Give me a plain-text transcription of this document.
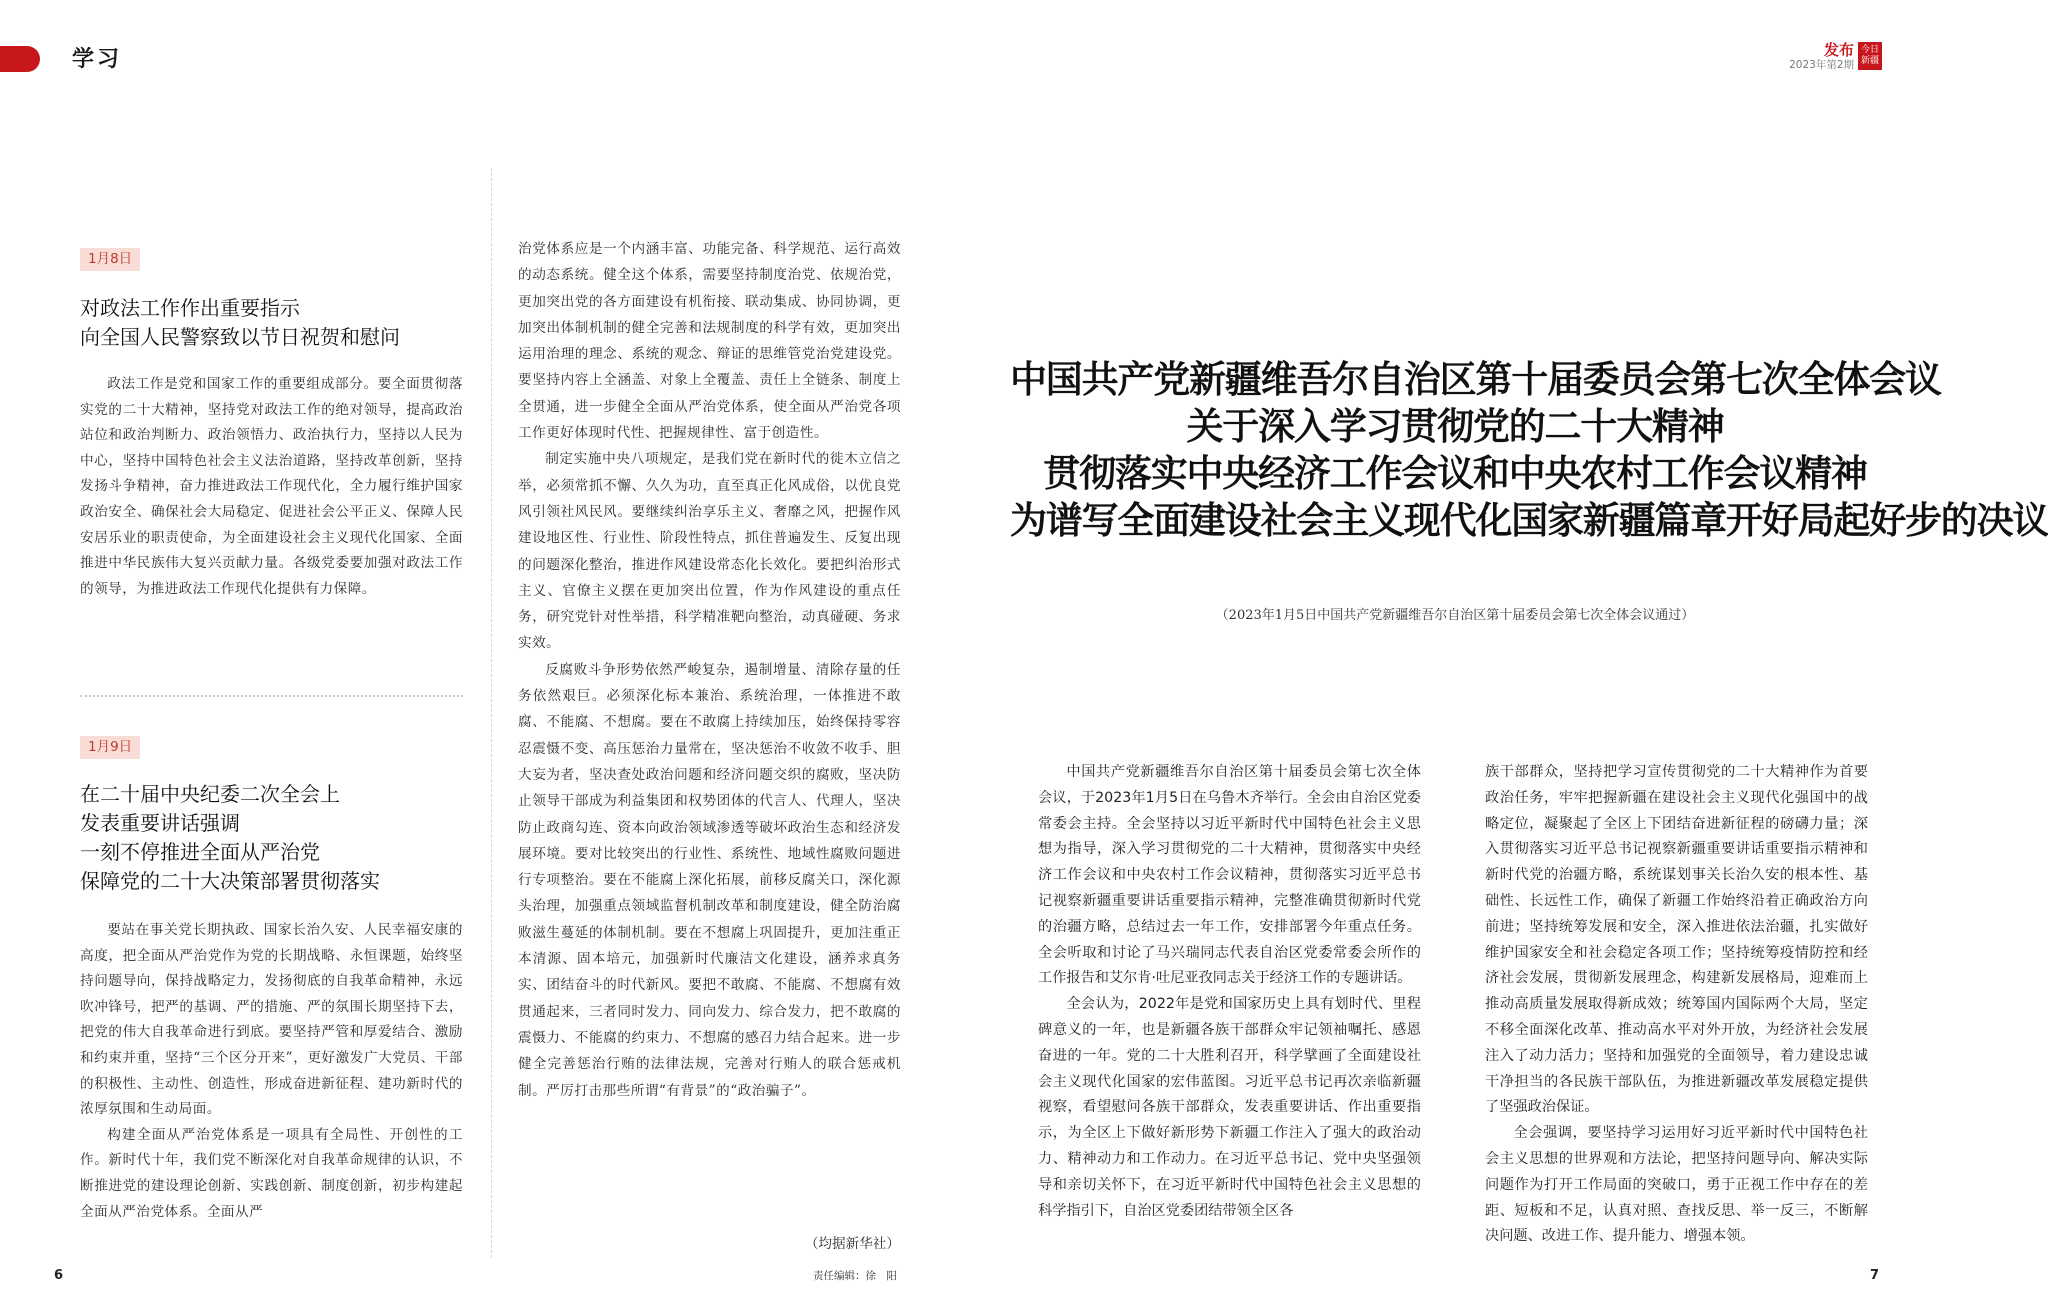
学习	发布
2023年第2期
今日
新疆
1月8日
对政法工作作出重要指示
向全国人民警察致以节日祝贺和慰问

政法工作是党和国家工作的重要组成部分。要全面贯彻落实党的二十大精神，坚持党对政法工作的绝对领导，提高政治站位和政治判断力、政治领悟力、政治执行力，坚持以人民为中心，坚持中国特色社会主义法治道路，坚持改革创新，坚持发扬斗争精神，奋力推进政法工作现代化，全力履行维护国家政治安全、确保社会大局稳定、促进社会公平正义、保障人民安居乐业的职责使命，为全面建设社会主义现代化国家、全面推进中华民族伟大复兴贡献力量。各级党委要加强对政法工作的领导，为推进政法工作现代化提供有力保障。

1月9日
在二十届中央纪委二次全会上
发表重要讲话强调
一刻不停推进全面从严治党
保障党的二十大决策部署贯彻落实

要站在事关党长期执政、国家长治久安、人民幸福安康的高度，把全面从严治党作为党的长期战略、永恒课题，始终坚持问题导向，保持战略定力，发扬彻底的自我革命精神，永远吹冲锋号，把严的基调、严的措施、严的氛围长期坚持下去，把党的伟大自我革命进行到底。要坚持严管和厚爱结合、激励和约束并重，坚持“三个区分开来”，更好激发广大党员、干部的积极性、主动性、创造性，形成奋进新征程、建功新时代的浓厚氛围和生动局面。

构建全面从严治党体系是一项具有全局性、开创性的工作。新时代十年，我们党不断深化对自我革命规律的认识，不断推进党的建设理论创新、实践创新、制度创新，初步构建起全面从严治党体系。全面从严

治党体系应是一个内涵丰富、功能完备、科学规范、运行高效的动态系统。健全这个体系，需要坚持制度治党、依规治党，更加突出党的各方面建设有机衔接、联动集成、协同协调，更加突出体制机制的健全完善和法规制度的科学有效，更加突出运用治理的理念、系统的观念、辩证的思维管党治党建设党。要坚持内容上全涵盖、对象上全覆盖、责任上全链条、制度上全贯通，进一步健全全面从严治党体系，使全面从严治党各项工作更好体现时代性、把握规律性、富于创造性。

制定实施中央八项规定，是我们党在新时代的徙木立信之举，必须常抓不懈、久久为功，直至真正化风成俗，以优良党风引领社风民风。要继续纠治享乐主义、奢靡之风，把握作风建设地区性、行业性、阶段性特点，抓住普遍发生、反复出现的问题深化整治，推进作风建设常态化长效化。要把纠治形式主义、官僚主义摆在更加突出位置，作为作风建设的重点任务，研究党针对性举措，科学精准靶向整治，动真碰硬、务求实效。

反腐败斗争形势依然严峻复杂，遏制增量、清除存量的任务依然艰巨。必须深化标本兼治、系统治理，一体推进不敢腐、不能腐、不想腐。要在不敢腐上持续加压，始终保持零容忍震慑不变、高压惩治力量常在，坚决惩治不收敛不收手、胆大妄为者，坚决查处政治问题和经济问题交织的腐败，坚决防止领导干部成为利益集团和权势团体的代言人、代理人，坚决防止政商勾连、资本向政治领域渗透等破坏政治生态和经济发展环境。要对比较突出的行业性、系统性、地域性腐败问题进行专项整治。要在不能腐上深化拓展，前移反腐关口，深化源头治理，加强重点领域监督机制改革和制度建设，健全防治腐败滋生蔓延的体制机制。要在不想腐上巩固提升，更加注重正本清源、固本培元，加强新时代廉洁文化建设，涵养求真务实、团结奋斗的时代新风。要把不敢腐、不能腐、不想腐有效贯通起来，三者同时发力、同向发力、综合发力，把不敢腐的震慑力、不能腐的约束力、不想腐的感召力结合起来。进一步健全完善惩治行贿的法律法规，完善对行贿人的联合惩戒机制。严厉打击那些所谓“有背景”的“政治骗子”。

（均据新华社）
责任编辑：徐　阳
6
中国共产党新疆维吾尔自治区第十届委员会第七次全体会议
关于深入学习贯彻党的二十大精神
贯彻落实中央经济工作会议和中央农村工作会议精神
为谱写全面建设社会主义现代化国家新疆篇章开好局起好步的决议
（2023年1月5日中国共产党新疆维吾尔自治区第十届委员会第七次全体会议通过）

中国共产党新疆维吾尔自治区第十届委员会第七次全体会议，于2023年1月5日在乌鲁木齐举行。全会由自治区党委常委会主持。全会坚持以习近平新时代中国特色社会主义思想为指导，深入学习贯彻党的二十大精神，贯彻落实中央经济工作会议和中央农村工作会议精神，贯彻落实习近平总书记视察新疆重要讲话重要指示精神，完整准确贯彻新时代党的治疆方略，总结过去一年工作，安排部署今年重点任务。全会听取和讨论了马兴瑞同志代表自治区党委常委会所作的工作报告和艾尔肯·吐尼亚孜同志关于经济工作的专题讲话。

全会认为，2022年是党和国家历史上具有划时代、里程碑意义的一年，也是新疆各族干部群众牢记领袖嘱托、感恩奋进的一年。党的二十大胜利召开，科学擘画了全面建设社会主义现代化国家的宏伟蓝图。习近平总书记再次亲临新疆视察，看望慰问各族干部群众，发表重要讲话、作出重要指示，为全区上下做好新形势下新疆工作注入了强大的政治动力、精神动力和工作动力。在习近平总书记、党中央坚强领导和亲切关怀下，在习近平新时代中国特色社会主义思想的科学指引下，自治区党委团结带领全区各

族干部群众，坚持把学习宣传贯彻党的二十大精神作为首要政治任务，牢牢把握新疆在建设社会主义现代化强国中的战略定位，凝聚起了全区上下团结奋进新征程的磅礴力量；深入贯彻落实习近平总书记视察新疆重要讲话重要指示精神和新时代党的治疆方略，系统谋划事关长治久安的根本性、基础性、长远性工作，确保了新疆工作始终沿着正确政治方向前进；坚持统筹发展和安全，深入推进依法治疆，扎实做好维护国家安全和社会稳定各项工作；坚持统筹疫情防控和经济社会发展，贯彻新发展理念，构建新发展格局，迎难而上推动高质量发展取得新成效；统筹国内国际两个大局，坚定不移全面深化改革、推动高水平对外开放，为经济社会发展注入了动力活力；坚持和加强党的全面领导，着力建设忠诚干净担当的各民族干部队伍，为推进新疆改革发展稳定提供了坚强政治保证。

全会强调，要坚持学习运用好习近平新时代中国特色社会主义思想的世界观和方法论，把坚持问题导向、解决实际问题作为打开工作局面的突破口，勇于正视工作中存在的差距、短板和不足，认真对照、查找反思、举一反三，不断解决问题、改进工作、提升能力、增强本领。

7
